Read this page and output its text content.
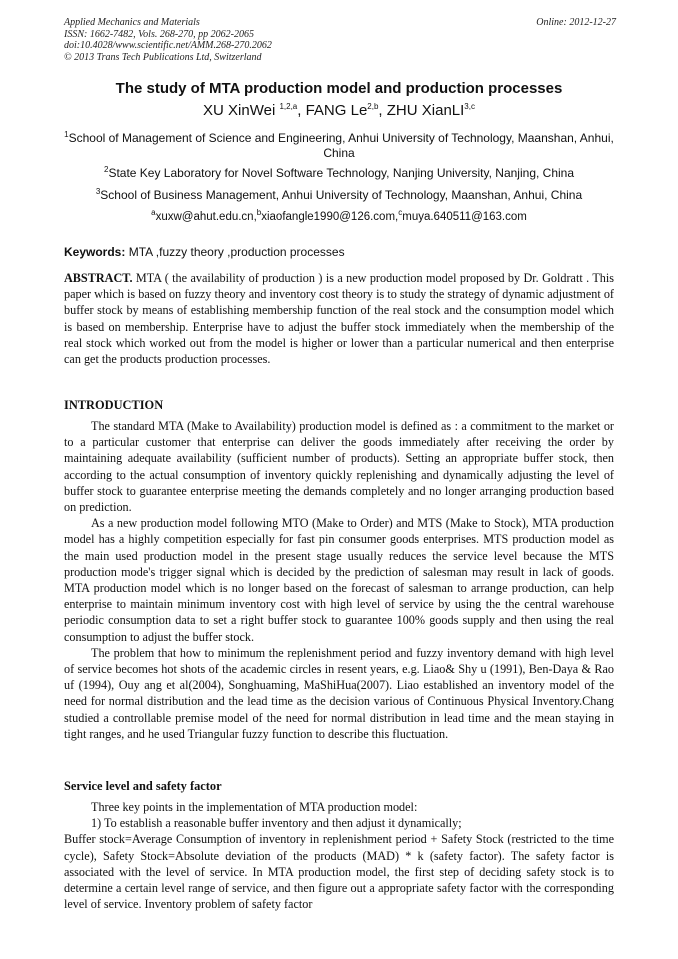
Applied Mechanics and Materials
ISSN: 1662-7482, Vols. 268-270, pp 2062-2065
doi:10.4028/www.scientific.net/AMM.268-270.2062
© 2013 Trans Tech Publications Ltd, Switzerland
Online: 2012-12-27
The study of MTA production model and production processes
XU XinWei $^{1,2,a}$, FANG Le$^{2,b}$, ZHU XianLI$^{3,c}$
$^1$School of Management of Science and Engineering, Anhui University of Technology, Maanshan, Anhui, China
$^2$State Key Laboratory for Novel Software Technology, Nanjing University, Nanjing, China
$^3$School of Business Management, Anhui University of Technology, Maanshan, Anhui, China
$^a$xuxw@ahut.edu.cn,$^b$xiaofangle1990@126.com,$^c$muya.640511@163.com
Keywords: MTA ,fuzzy theory ,production processes

ABSTRACT. MTA ( the availability of production ) is a new production model proposed by Dr. Goldratt . This paper which is based on fuzzy theory and inventory cost theory is to study the strategy of dynamic adjustment of buffer stock by means of establishing membership function of the real stock and the consumption model which is based on membership. Enterprise have to adjust the buffer stock immediately when the membership of the real stock which worked out from the model is higher or lower than a particular numerical and then enterprise can get the products production processes.

INTRODUCTION

The standard MTA (Make to Availability) production model is defined as : a commitment to the market or to a particular customer that enterprise can deliver the goods immediately after receiving the order by maintaining adequate availability (sufficient number of products). Setting an appropriate buffer stock, then according to the actual consumption of inventory quickly replenishing and dynamically adjusting the level of buffer stock to guarantee enterprise meeting the demands completely and no longer arranging production based on prediction.

As a new production model following MTO (Make to Order) and MTS (Make to Stock), MTA production model has a highly competition especially for fast pin consumer goods enterprises. MTS production model as the main used production model in the present stage usually reduces the service level because the MTS production mode's trigger signal which is decided by the prediction of salesman may result in lack of goods. MTA production model which is no longer based on the forecast of salesman to arrange production, can help enterprise to maintain minimum inventory cost with high level of service by using the the central warehouse periodic consumption data to set a right buffer stock to guarantee 100% goods supply and then using the real consumption to adjust the buffer stock.

The problem that how to minimum the replenishment period and fuzzy inventory demand with high level of service becomes hot shots of the academic circles in resent years, e.g. Liao& Shy u (1991), Ben-Daya & Rao uf (1994), Ouy ang et al(2004), Songhuaming, MaShiHua(2007). Liao established an inventory model of the need for normal distribution and the lead time as the decision various of Continuous Physical Inventory.Chang studied a controllable premise model of the need for normal distribution in lead time and the mean staying in tight ranges, and he used Triangular fuzzy function to describe this fluctuation.

Service level and safety factor

Three key points in the implementation of MTA production model:

1) To establish a reasonable buffer inventory and then adjust it dynamically;

Buffer stock=Average Consumption of inventory in replenishment period + Safety Stock (restricted to the time cycle), Safety Stock=Absolute deviation of the products (MAD) * k (safety factor). The safety factor is associated with the level of service. In MTA production model, the first step of deciding safety stock is to determine a certain level range of service, and then figure out a appropriate safety factor with the corresponding level of service. Inventory problem of safety factor
